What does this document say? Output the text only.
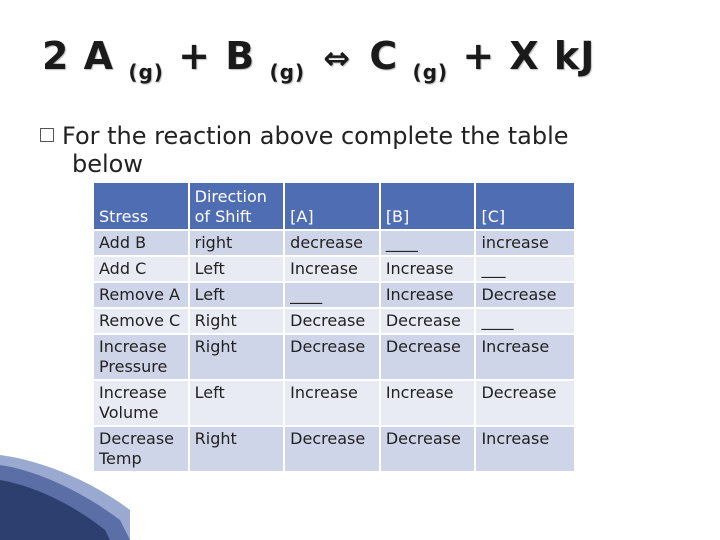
2 A $_{(g)}$ + B $_{(g)}$ ⇔ C $_{(g)}$ + X kJ
For the reaction above complete the table
below
Stress	Direction of Shift	[A]	[B]	[C]
Add B	right	decrease	____	increase
Add C	Left	Increase	Increase	___
Remove A	Left	____	Increase	Decrease
Remove C	Right	Decrease	Decrease	____
Increase Pressure	Right	Decrease	Decrease	Increase
Increase Volume	Left	Increase	Increase	Decrease
Decrease Temp	Right	Decrease	Decrease	Increase
